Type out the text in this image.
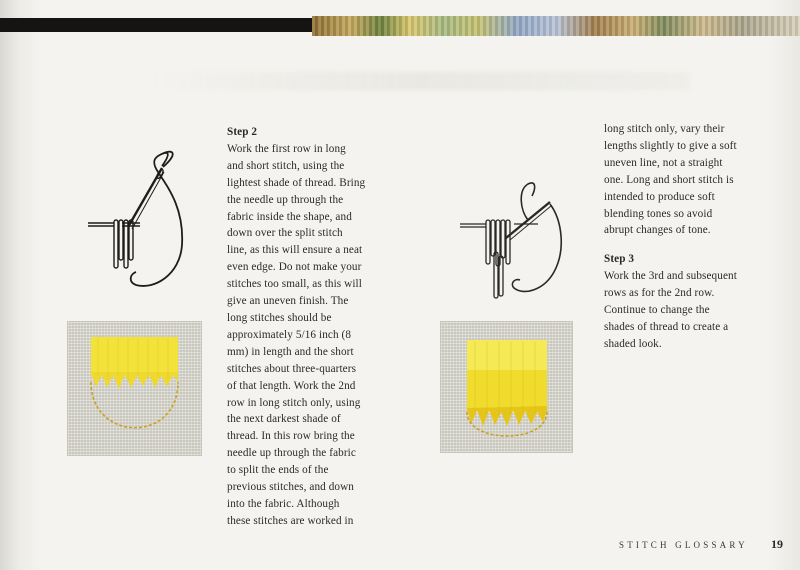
Step 2
Work the first row in long
and short stitch, using the
lightest shade of thread. Bring
the needle up through the
fabric inside the shape, and
down over the split stitch
line, as this will ensure a neat
even edge. Do not make your
stitches too small, as this will
give an uneven finish. The
long stitches should be
approximately 5/16 inch (8
mm) in length and the short
stitches about three-quarters
of that length. Work the 2nd
row in long stitch only, using
the next darkest shade of
thread. In this row bring the
needle up through the fabric
to split the ends of the
previous stitches, and down
into the fabric. Although
these stitches are worked in
long stitch only, vary their
lengths slightly to give a soft
uneven line, not a straight
one. Long and short stitch is
intended to produce soft
blending tones so avoid
abrupt changes of tone.
Step 3
Work the 3rd and subsequent
rows as for the 2nd row.
Continue to change the
shades of thread to create a
shaded look.
STITCH GLOSSARY 19
